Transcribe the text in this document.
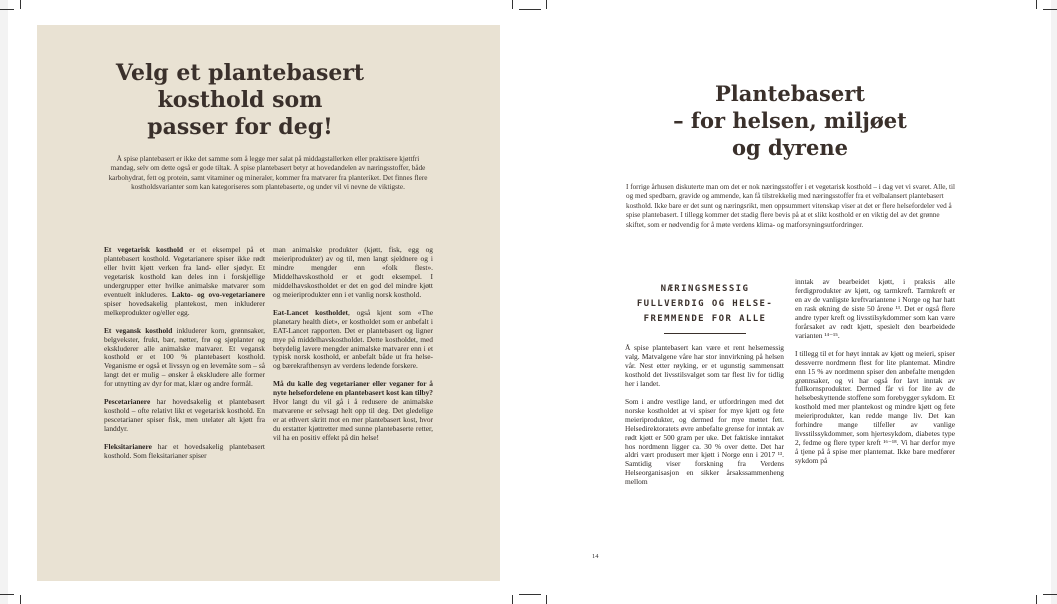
Velg et plantebasert
kosthold som
passer for deg!

Å spise plantebasert er ikke det samme som å legge mer salat på middagstallerken eller praktisere kjøttfri mandag, selv om dette også er gode tiltak. Å spise plantebasert betyr at hovedandelen av næringsstoffer, både karbohydrat, fett og protein, samt vitaminer og mineraler, kommer fra matvarer fra planteriket. Det finnes flere kostholdsvarianter som kan kategoriseres som plantebaserte, og under vil vi nevne de viktigste.

Et vegetarisk kosthold er et eksempel på et plantebasert kosthold. Vegetarianere spiser ikke rødt eller hvitt kjøtt verken fra land- eller sjødyr. Et vegetarisk kosthold kan deles inn i forskjellige undergrupper etter hvilke animalske matvarer som eventuelt inkluderes. Lakto- og ovo-vegetarianere spiser hovedsakelig plantekost, men inkluderer melkeprodukter og/eller egg.

Et vegansk kosthold inkluderer korn, grønnsaker, belgvekster, frukt, bær, nøtter, frø og sjøplanter og ekskluderer alle animalske matvarer. Et vegansk kosthold er et 100 % plantebasert kosthold. Veganisme er også et livssyn og en levemåte som – så langt det er mulig – ønsker å ekskludere alle former for utnytting av dyr for mat, klær og andre formål.

Pescetarianere har hovedsakelig et plantebasert kosthold – ofte relativt likt et vegetarisk kosthold. En pescetarianer spiser fisk, men utelater alt kjøtt fra landdyr.

Fleksitarianere har et hovedsakelig plantebasert kosthold. Som fleksitarianer spiser

man animalske produkter (kjøtt, fisk, egg og meieriprodukter) av og til, men langt sjeldnere og i mindre mengder enn «folk flest». Middelhavskosthold er et godt eksempel. I middelhavskostholdet er det en god del mindre kjøtt og meieriprodukter enn i et vanlig norsk kosthold.

Eat-Lancet kostholdet, også kjent som «The planetary health diet», er kostholdet som er anbefalt i EAT-Lancet rapporten. Det er plantebasert og ligner mye på middelhavskostholdet. Dette kostholdet, med betydelig lavere mengder animalske matvarer enn i et typisk norsk kosthold, er anbefalt både ut fra helse- og bærekrafthensyn av verdens ledende forskere.

Må du kalle deg vegetarianer eller veganer for å nyte helsefordelene en plantebasert kost kan tilby? Hvor langt du vil gå i å redusere de animalske matvarene er selvsagt helt opp til deg. Det gledelige er at ethvert skritt mot en mer plantebasert kost, hvor du erstatter kjøttretter med sunne plantebaserte retter, vil ha en positiv effekt på din helse!

Plantebasert
– for helsen, miljøet
og dyrene

I forrige århusen diskuterte man om det er nok næringsstoffer i et vegetarisk kosthold – i dag vet vi svaret. Alle, til og med spedbarn, gravide og ammende, kan få tilstrekkelig med næringsstoffer fra et velbalansert plantebasert kosthold. Ikke bare er det sunt og næringsrikt, men oppsummert vitenskap viser at det er flere helsefordeler ved å spise plantebasert. I tillegg kommer det stadig flere bevis på at et slikt kosthold er en viktig del av det grønne skiftet, som er nødvendig for å møte verdens klima- og matforsyningsutfordringer.

NÆRINGSMESSIG
FULLVERDIG OG HELSE-
FREMMENDE FOR ALLE

Å spise plantebasert kan være et rent helsemessig valg. Matvalgene våre har stor innvirkning på helsen vår. Nest etter røyking, er et ugunstig sammensatt kosthold det livsstilsvalget som tar flest liv for tidlig her i landet.

Som i andre vestlige land, er utfordringen med det norske kostholdet at vi spiser for mye kjøtt og fete meieriprodukter, og dermed for mye mettet fett. Helsedirektoratets øvre anbefalte grense for inntak av rødt kjøtt er 500 gram per uke. Det faktiske inntaket hos nordmenn ligger ca. 30 % over dette. Det har aldri vært produsert mer kjøtt i Norge enn i 2017 ¹³. Samtidig viser forskning fra Verdens Helseorganisasjon en sikker årsakssammenheng mellom

inntak av bearbeidet kjøtt, i praksis alle ferdigprodukter av kjøtt, og tarmkreft. Tarmkreft er en av de vanligste kreftvariantene i Norge og har hatt en rask økning de siste 50 årene ¹³. Det er også flere andre typer kreft og livsstilsykdommer som kan være forårsaket av rødt kjøtt, spesielt den bearbeidede varianten ¹⁴⁻¹⁵.

I tillegg til et for høyt inntak av kjøtt og meieri, spiser dessverre nordmenn flest for lite plantemat. Mindre enn 15 % av nordmenn spiser den anbefalte mengden grønnsaker, og vi har også for lavt inntak av fullkornsprodukter. Dermed får vi for lite av de helsebeskyttende stoffene som forebygger sykdom. Et kosthold med mer plantekost og mindre kjøtt og fete meieriprodukter, kan redde mange liv. Det kan forhindre mange tilfeller av vanlige livsstilssykdommer, som hjertesykdom, diabetes type 2, fedme og flere typer kreft ¹⁶⁻¹⁸. Vi har derfor mye å tjene på å spise mer plantemat. Ikke bare medfører sykdom på

14
